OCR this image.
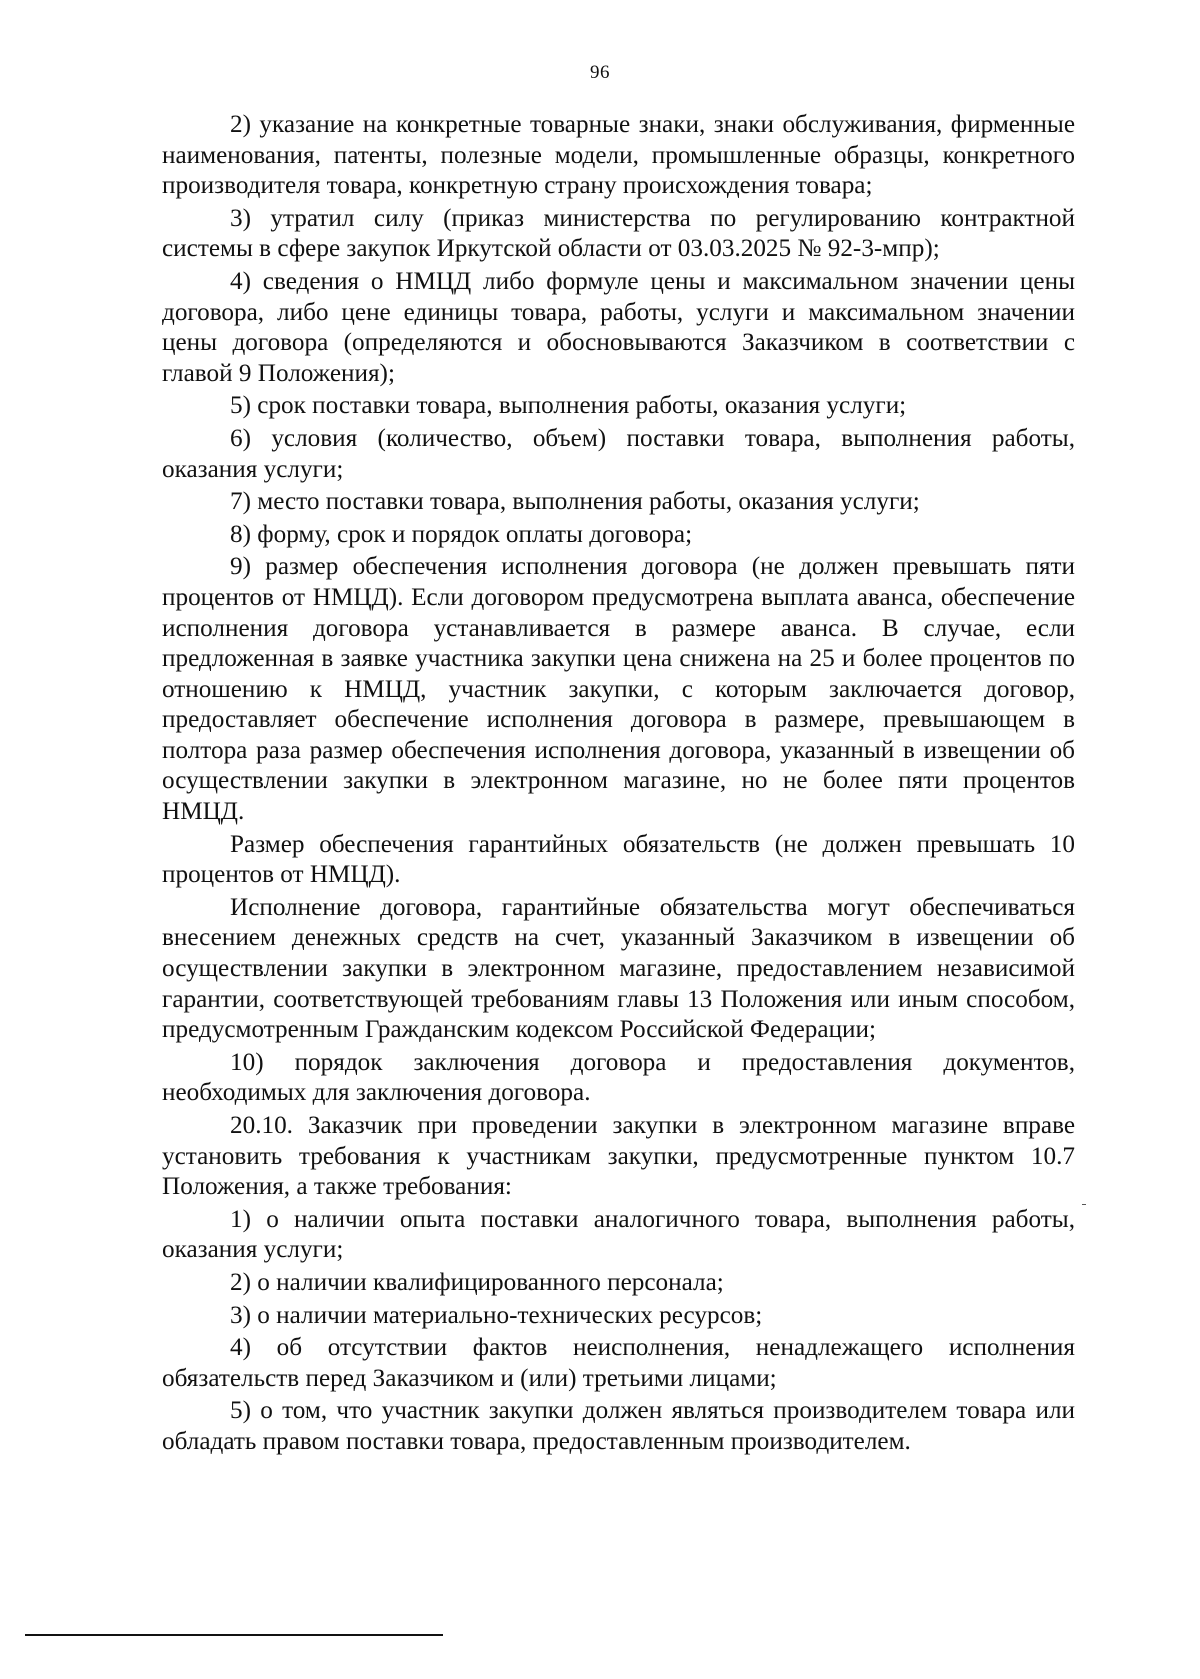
96

2) указание на конкретные товарные знаки, знаки обслуживания, фирменные наименования, патенты, полезные модели, промышленные образцы, конкретного производителя товара, конкретную страну происхождения товара;

3) утратил силу (приказ министерства по регулированию контрактной системы в сфере закупок Иркутской области от 03.03.2025 № 92-3-мпр);

4) сведения о НМЦД либо формуле цены и максимальном значении цены договора, либо цене единицы товара, работы, услуги и максимальном значении цены договора (определяются и обосновываются Заказчиком в соответствии с главой 9 Положения);

5) срок поставки товара, выполнения работы, оказания услуги;

6) условия (количество, объем) поставки товара, выполнения работы, оказания услуги;

7) место поставки товара, выполнения работы, оказания услуги;

8) форму, срок и порядок оплаты договора;

9) размер обеспечения исполнения договора (не должен превышать пяти процентов от НМЦД). Если договором предусмотрена выплата аванса, обеспечение исполнения договора устанавливается в размере аванса. В случае, если предложенная в заявке участника закупки цена снижена на 25 и более процентов по отношению к НМЦД, участник закупки, с которым заключается договор, предоставляет обеспечение исполнения договора в размере, превышающем в полтора раза размер обеспечения исполнения договора, указанный в извещении об осуществлении закупки в электронном магазине, но не более пяти процентов НМЦД.

Размер обеспечения гарантийных обязательств (не должен превышать 10 процентов от НМЦД).

Исполнение договора, гарантийные обязательства могут обеспечиваться внесением денежных средств на счет, указанный Заказчиком в извещении об осуществлении закупки в электронном магазине, предоставлением независимой гарантии, соответствующей требованиям главы 13 Положения или иным способом, предусмотренным Гражданским кодексом Российской Федерации;

10) порядок заключения договора и предоставления документов, необходимых для заключения договора.

20.10. Заказчик при проведении закупки в электронном магазине вправе установить требования к участникам закупки, предусмотренные пунктом 10.7 Положения, а также требования:

1) о наличии опыта поставки аналогичного товара, выполнения работы, оказания услуги;

2) о наличии квалифицированного персонала;

3) о наличии материально-технических ресурсов;

4) об отсутствии фактов неисполнения, ненадлежащего исполнения обязательств перед Заказчиком и (или) третьими лицами;

5) о том, что участник закупки должен являться производителем товара или обладать правом поставки товара, предоставленным производителем.
